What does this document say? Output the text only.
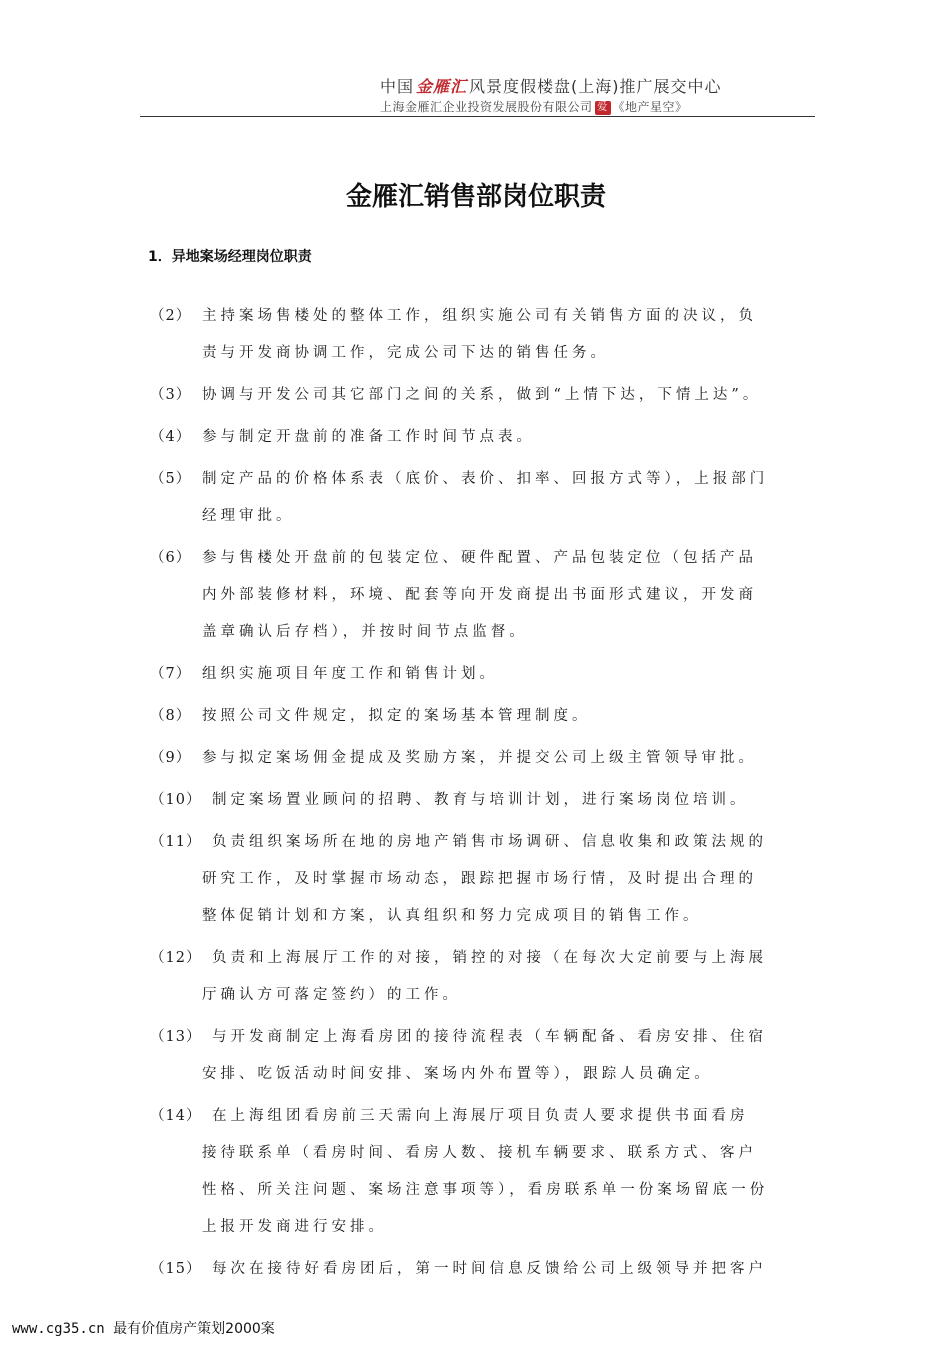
中国 金雁汇 风景度假楼盘(上海)推广展交中心
上海金雁汇企业投资发展股份有限公司 爱 《地产星空》
金雁汇销售部岗位职责
1．异地案场经理岗位职责
（2） 主持案场售楼处的整体工作，组织实施公司有关销售方面的决议，负
责与开发商协调工作，完成公司下达的销售任务。
（3） 协调与开发公司其它部门之间的关系，做到“上情下达，下情上达”。
（4） 参与制定开盘前的准备工作时间节点表。
（5） 制定产品的价格体系表（底价、表价、扣率、回报方式等），上报部门
经理审批。
（6） 参与售楼处开盘前的包装定位、硬件配置、产品包装定位（包括产品
内外部装修材料，环境、配套等向开发商提出书面形式建议，开发商
盖章确认后存档），并按时间节点监督。
（7） 组织实施项目年度工作和销售计划。
（8） 按照公司文件规定，拟定的案场基本管理制度。
（9） 参与拟定案场佣金提成及奖励方案，并提交公司上级主管领导审批。
（10） 制定案场置业顾问的招聘、教育与培训计划，进行案场岗位培训。
（11） 负责组织案场所在地的房地产销售市场调研、信息收集和政策法规的
研究工作，及时掌握市场动态，跟踪把握市场行情，及时提出合理的
整体促销计划和方案，认真组织和努力完成项目的销售工作。
（12） 负责和上海展厅工作的对接，销控的对接（在每次大定前要与上海展
厅确认方可落定签约）的工作。
（13） 与开发商制定上海看房团的接待流程表（车辆配备、看房安排、住宿
安排、吃饭活动时间安排、案场内外布置等），跟踪人员确定。
（14） 在上海组团看房前三天需向上海展厅项目负责人要求提供书面看房
接待联系单（看房时间、看房人数、接机车辆要求、联系方式、客户
性格、所关注问题、案场注意事项等），看房联系单一份案场留底一份
上报开发商进行安排。
（15） 每次在接待好看房团后，第一时间信息反馈给公司上级领导并把客户
www.cg35.cn 最有价值房产策划2000案
